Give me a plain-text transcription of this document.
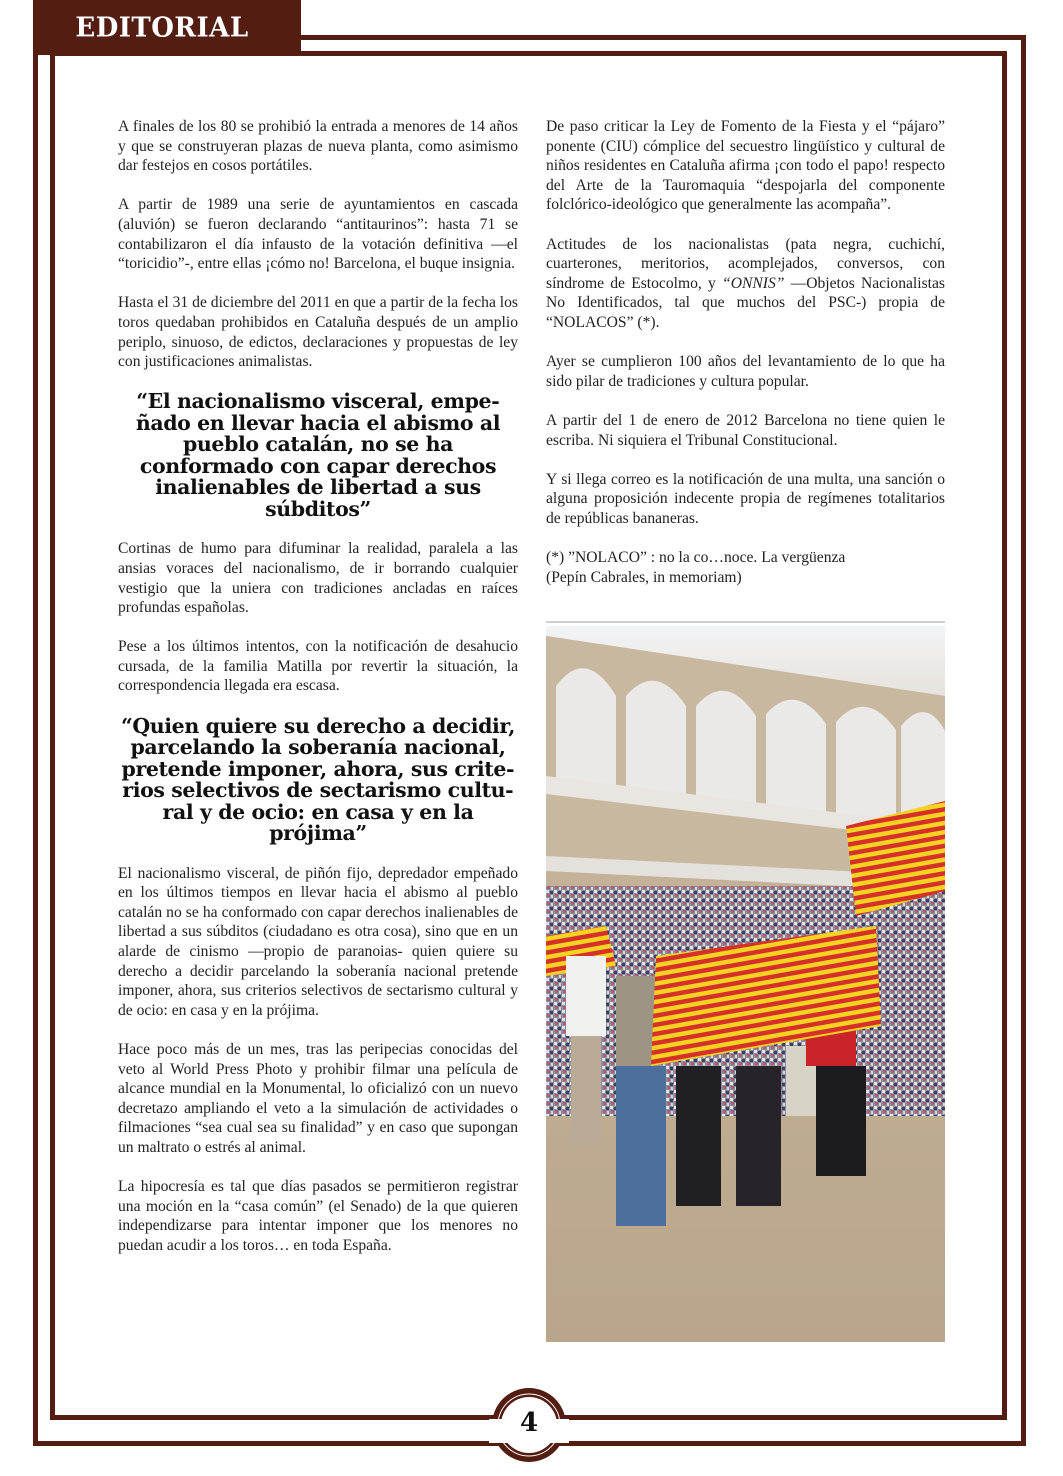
EDITORIAL

A finales de los 80 se prohibió la entrada a menores de 14 años y que se construyeran plazas de nueva planta, como asimismo dar festejos en cosos portátiles.

A partir de 1989 una serie de ayuntamientos en cascada (aluvión) se fueron declarando “antitaurinos”: hasta 71 se contabilizaron el día infausto de la votación definitiva —el “toricidio”-, entre ellas ¡cómo no! Barcelona, el buque insignia.

Hasta el 31 de diciembre del 2011 en que a partir de la fecha los toros quedaban prohibidos en Cataluña después de un amplio periplo, sinuoso, de edictos, declaraciones y propuestas de ley con justificaciones animalistas.

“El nacionalismo visceral, empeñado en llevar hacia el abismo al pueblo catalán, no se ha conformado con capar derechos inalienables de libertad a sus súbditos”

Cortinas de humo para difuminar la realidad, paralela a las ansias voraces del nacionalismo, de ir borrando cualquier vestigio que la uniera con tradiciones ancladas en raíces profundas españolas.

Pese a los últimos intentos, con la notificación de desahucio cursada, de la familia Matilla por revertir la situación, la correspondencia llegada era escasa.

“Quien quiere su derecho a decidir, parcelando la soberanía nacional, pretende imponer, ahora, sus criterios selectivos de sectarismo cultural y de ocio: en casa y en la prójima”

El nacionalismo visceral, de piñón fijo, depredador empeñado en los últimos tiempos en llevar hacia el abismo al pueblo catalán no se ha conformado con capar derechos inalienables de libertad a sus súbditos (ciudadano es otra cosa), sino que en un alarde de cinismo —propio de paranoias- quien quiere su derecho a decidir parcelando la soberanía nacional pretende imponer, ahora, sus criterios selectivos de sectarismo cultural y de ocio: en casa y en la prójima.

Hace poco más de un mes, tras las peripecias conocidas del veto al World Press Photo y prohibir filmar una película de alcance mundial en la Monumental, lo oficializó con un nuevo decretazo ampliando el veto a la simulación de actividades o filmaciones “sea cual sea su finalidad” y en caso que supongan un maltrato o estrés al animal.

La hipocresía es tal que días pasados se permitieron registrar una moción en la “casa común” (el Senado) de la que quieren independizarse para intentar imponer que los menores no puedan acudir a los toros… en toda España.

De paso criticar la Ley de Fomento de la Fiesta y el “pájaro” ponente (CIU) cómplice del secuestro lingüístico y cultural de niños residentes en Cataluña afirma ¡con todo el papo! respecto del Arte de la Tauromaquia “despojarla del componente folclórico-ideológico que generalmente las acompaña”.

Actitudes de los nacionalistas (pata negra, cuchichí, cuarterones, meritorios, acomplejados, conversos, con síndrome de Estocolmo, y “ONNIS” —Objetos Nacionalistas No Identificados, tal que muchos del PSC-) propia de “NOLACOS” (*).

Ayer se cumplieron 100 años del levantamiento de lo que ha sido pilar de tradiciones y cultura popular.

A partir del 1 de enero de 2012 Barcelona no tiene quien le escriba. Ni siquiera el Tribunal Constitucional.

Y si llega correo es la notificación de una multa, una sanción o alguna proposición indecente propia de regímenes totalitarios de repúblicas bananeras.

(*) ”NOLACO” : no la co…noce. La vergüenza
(Pepín Cabrales, in memoriam)

4
